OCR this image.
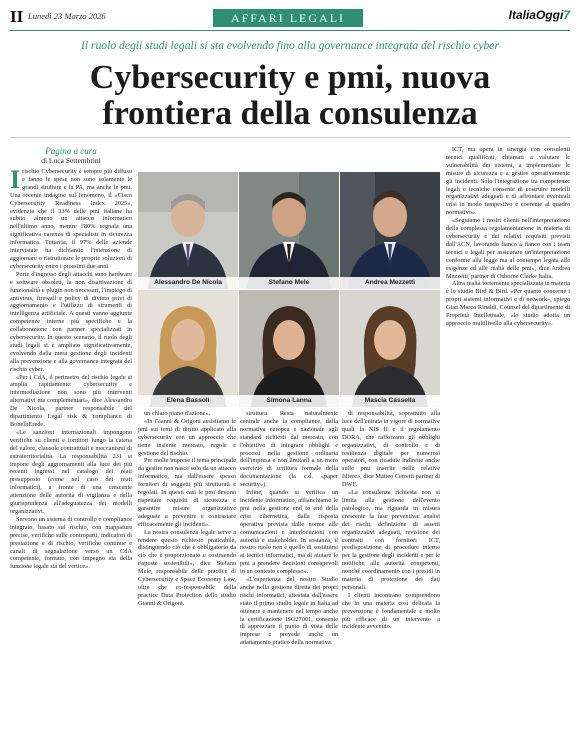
II Lunedì 23 Marzo 2026	AFFARI LEGALI	ItaliaOggi7
Il ruolo degli studi legali si sta evolvendo fino alla governance integrata del rischio cyber
Cybersecurity e pmi, nuova
frontiera della consulenza
Pagina a cura
di Luca Settembrini

Irischio Cybersecurity è sempre più diffuso e fanno le spese non sono solamente le grandi strutture e la PA, ma anche le pmi. Una recente indagine sul fenomeno, il «Cisco Cybersecurity Readiness Index 2025», evidenzia che il 33% delle pmi italiane ha subito almeno un attacco informatico nell'ultimo anno, mentre l'80% segnala una significativa carenza di specialisti in sicurezza informatica. Tuttavia, il 97% delle aziende intervistate ha dichiarato l'intenzione di aggiornare o ristrutturare le proprie soluzioni di cybersecurity entro i prossimi due anni.

Porte d'ingresso degli attacchi sono hardware e software obsoleti, la non disattivazione di funzionalità e plugin non necessari, l'impiego di antivirus, firewall e policy di divieto privi di aggiornamento e l'utilizzo di strumenti di intelligenza artificiale. A questi vanno aggiunte competenze interne più specifiche e la collaborazione con partner specializzati in cybersecurity. In questo scenario, il ruolo degli studi legali si è ampliato significativamente, evolvendo dalla mera gestione degli incidenti alla prevenzione e alla governance integrata del rischio cyber.

«Per i CdA, il perimetro del rischio legale si amplia rapidamente: cybersecurity e intermediazione non sono più interventi alternativi ma complementari», dice Alessandro De Nicola, partner responsabile del dipartimento Legal risk & compliance di BonelliErede.

«Le sanzioni internazionali impongono verifiche su clienti e fornitori lungo la catena del valore, clausole contrattuali e meccanismi di estraterritorialità. La responsabilità 231 si impone degli aggiornamenti alla luce dei più recenti ingressi nel catalogo dei reati presupposto (come nel caso dei reati informatici), a fronte di una crescente attenzione delle autorità di vigilanza e della giurisprudenza all'adeguatezza dei modelli organizzativi.

Servono un sistema di controllo e compliance integrato, basato sul rischio, con mappature precise, verifiche sulle controparti, indicatori di prestazione e di rischio, verifiche continue e canali di segnalazione verso un CdA competente, formato, con impegno sia della funzione legale sia del vertice».

Alessandro De Nicola	Stefano Mele	Andrea Mezzetti
Elena Bassoli	Simona Lanna	Mascia Cassella

un chiaro piano d'azione».

«In Gianni & Origoni assistiamo le pmi sui temi di diritto applicato alla cybersecurity con un approccio che tiene insieme mercato, regole e gestione del rischio.

Per molte imprese il tema principale da gestire non nasce solo da un attacco informatico, ma dall'essere spesso fornitori di soggetti più strutturati e regolati. In questi casi le pmi devono rispettare requisiti di sicurezza e garantire misure organizzative adeguate a prevenire e contrastare efficacemente gli incidenti».

La nostra consulenza legale serve a rendere questo richiesto praticabile, distinguendo ciò che è obbligatorio da ciò che è proporzionato e costruendo risposte sostenibili», dice Stefano Mele, responsabile delle practice di Cybersecurity e Space Economy Law, oltre che co-responsabile della practice Data Protection dello studio Gianni & Origoni.

struttura. Resta naturalmente centrale anche la compliance, dalla normativa europea e nazionale agli standard richiesti dal mercato, con l'obiettivo di integrare obblighi e processi nella gestione ordinaria dell'impresa e non limitarli a un mero esercizio di scrittura formale della documentazione (la c.d. «paper security»).

Infine, quando si verifica un incidente informatico, affianchiamo le pmi nella gestione end to end della crisi cibernetica, dalla risposta operativa prevista dalle norme alle comunicazioni e interlocuzioni con autorità e stakeholder. In sostanza, il nostro ruolo non è quello di sostituirsi ai tecnici informatici, ma di aiutare le pmi a prendere decisioni consapevoli in un contesto complesso».

«L'esperienza del nostro Studio anche nella gestione diretta dei propri rischi informatici, attestata dall'essere stato il primo studio legale in Italia ad ottenere e mantenere nel tempo anche la certificazione ISO27001, consente di apprezzare il punto di vista delle imprese e prevede anche un adattamento pratico della normativa.

di responsabilità, soprattutto alla luce dell'entrata in vigore di normative quali la NIS II e il regolamento DORA, che rafforzano gli obblighi organizzativi, di controllo e di resilienza digitale per numerosi operatori, con ricadute indirette anche sulle pmi inserite nelle relative filiere», dice Matteo Cerretti partner di DWF.

«La consulenza richiesta non si limita alla gestione dell'evento patologico, ma riguarda in misura crescente la fase preventiva: analisi dei rischi, definizione di assetti organizzativi adeguati, revisione dei contratti con fornitori ICT, predisposizione di procedure interne per la gestione degli incidenti e per le notifiche alle autorità competenti, nonché coordinamento con i presidi in materia di protezione dei dati personali.

I clienti incontrano comprendono che in una materia così delicata la prevenzione è fondamentale e molto più efficace di un intervento a incidente avvenuto.

ICT, ma opera in sinergia con consulenti tecnici qualificati, chiamati a valutare le vulnerabilità dei sistemi, a implementare le misure di sicurezza e a gestire operativamente gli incidenti. Solo l'integrazione tra competenze legali e tecniche consente di costruire modelli organizzativi adeguati e di affrontare eventuali crisi in modo tempestivo e coerente al quadro normativo».

«Seguiamo i nostri clienti nell'interpretazione della complessa regolamentazione in materia di cybersecurity e dei relativi requisiti previsti dall'ACN, lavorando fianco a fianco con i team tecnici e legali per assicurare un'interpretazione conforme alla legge ma al contempo legata alle esigenze ed alle realtà delle pmi», dice Andrea Mezzetti, partner di Osborne Clarke Italia.

Altra realtà fortemente specializzata in materia è lo studio Bird & Bird. «Per quanto concerne i propri sistemi informativi e di network», spiega Gian Marco Rinaldi, Counsel del dipartimento di Proprietà Intellettuale, «lo studio adotta un approccio multilivello alla cybersecurity».
